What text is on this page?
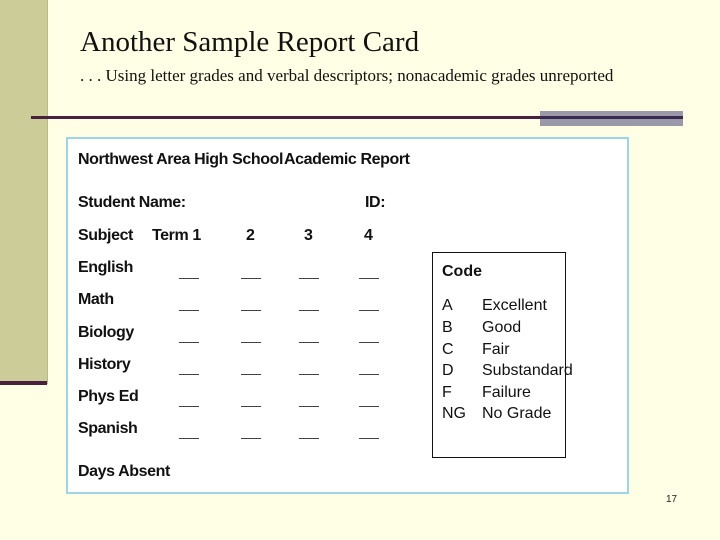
Another Sample Report Card
. . . Using letter grades and verbal descriptors; nonacademic grades unreported
Northwest Area High School Academic Report
Student Name:	ID:
Subject Term 1	2	3	4
English
Math
Biology
History
Phys Ed
Spanish
Days Absent
Code
A Excellent
B Good
C Fair
D Substandard
F Failure
NG No Grade
17
